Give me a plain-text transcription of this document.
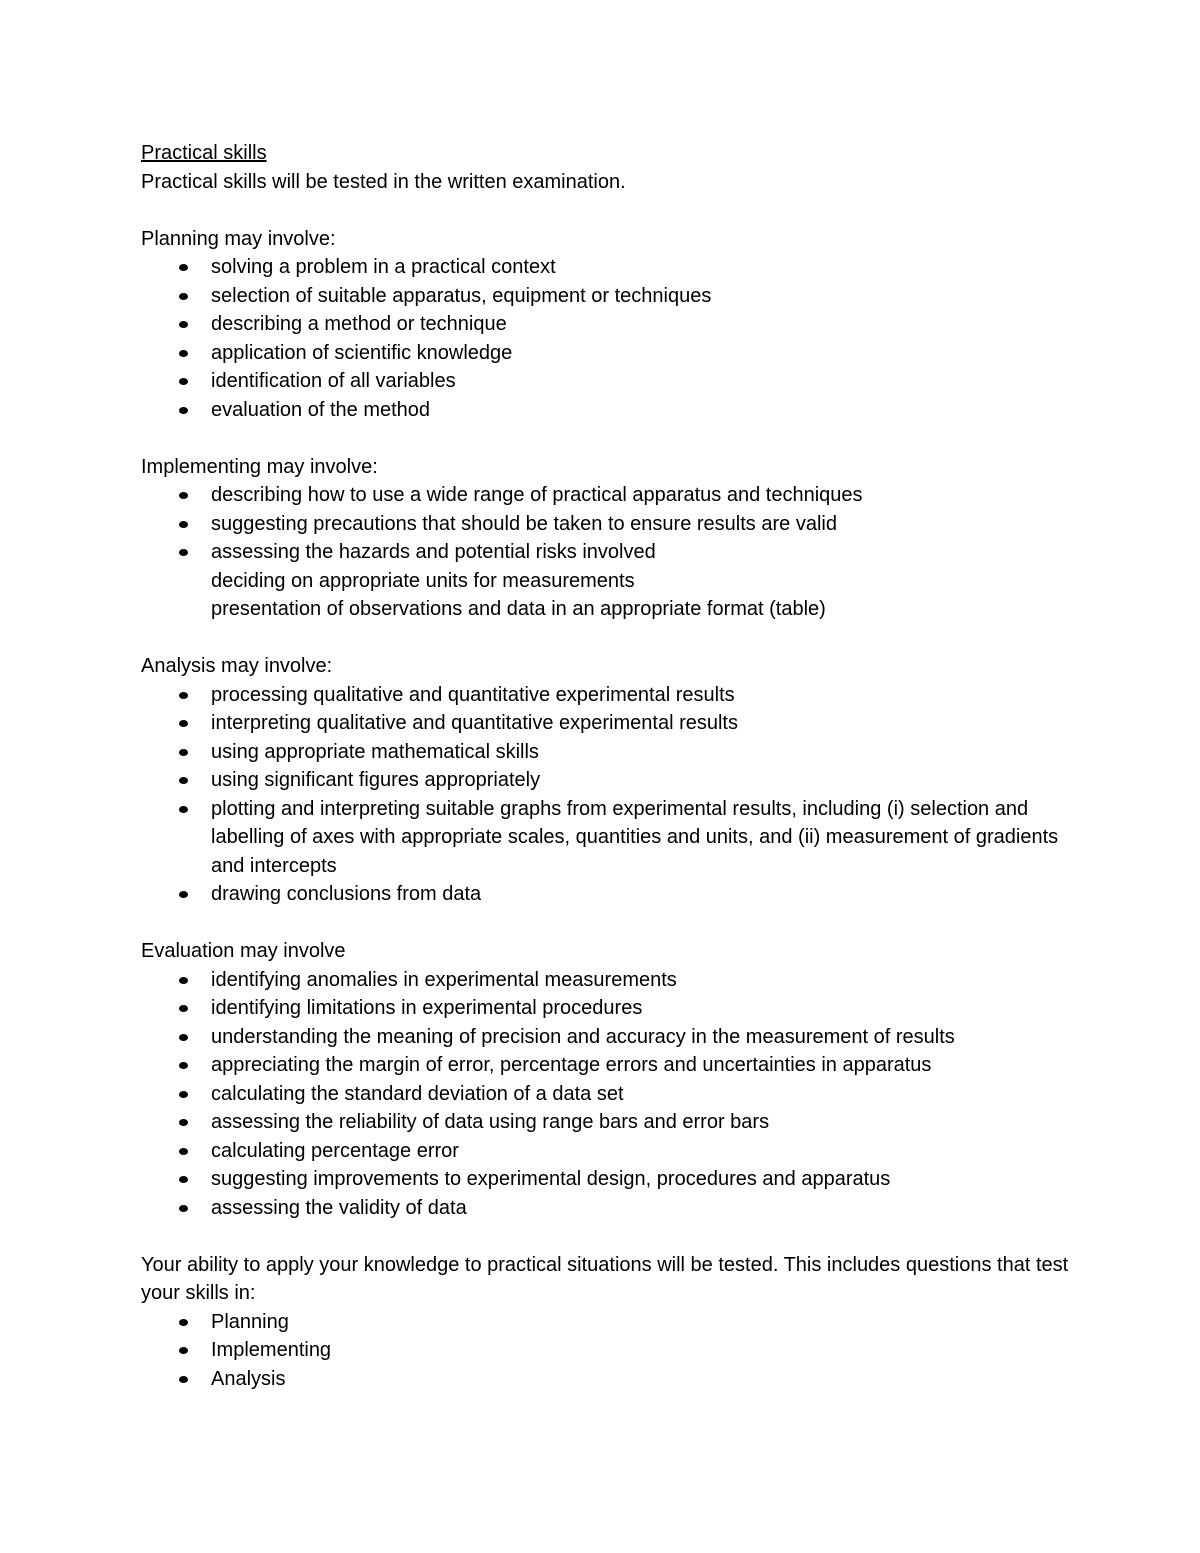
Practical skills

Practical skills will be tested in the written examination.

Planning may involve:

solving a problem in a practical context
selection of suitable apparatus, equipment or techniques
describing a method or technique
application of scientific knowledge
identification of all variables
evaluation of the method

Implementing may involve:

describing how to use a wide range of practical apparatus and techniques
suggesting precautions that should be taken to ensure results are valid
assessing the hazards and potential risks involved
deciding on appropriate units for measurements
presentation of observations and data in an appropriate format (table)

Analysis may involve:

processing qualitative and quantitative experimental results
interpreting qualitative and quantitative experimental results
using appropriate mathematical skills
using significant figures appropriately
plotting and interpreting suitable graphs from experimental results, including (i) selection and labelling of axes with appropriate scales, quantities and units, and (ii) measurement of gradients and intercepts
drawing conclusions from data

Evaluation may involve

identifying anomalies in experimental measurements
identifying limitations in experimental procedures
understanding the meaning of precision and accuracy in the measurement of results
appreciating the margin of error, percentage errors and uncertainties in apparatus
calculating the standard deviation of a data set
assessing the reliability of data using range bars and error bars
calculating percentage error
suggesting improvements to experimental design, procedures and apparatus
assessing the validity of data

Your ability to apply your knowledge to practical situations will be tested. This includes questions that test your skills in:

Planning
Implementing
Analysis
